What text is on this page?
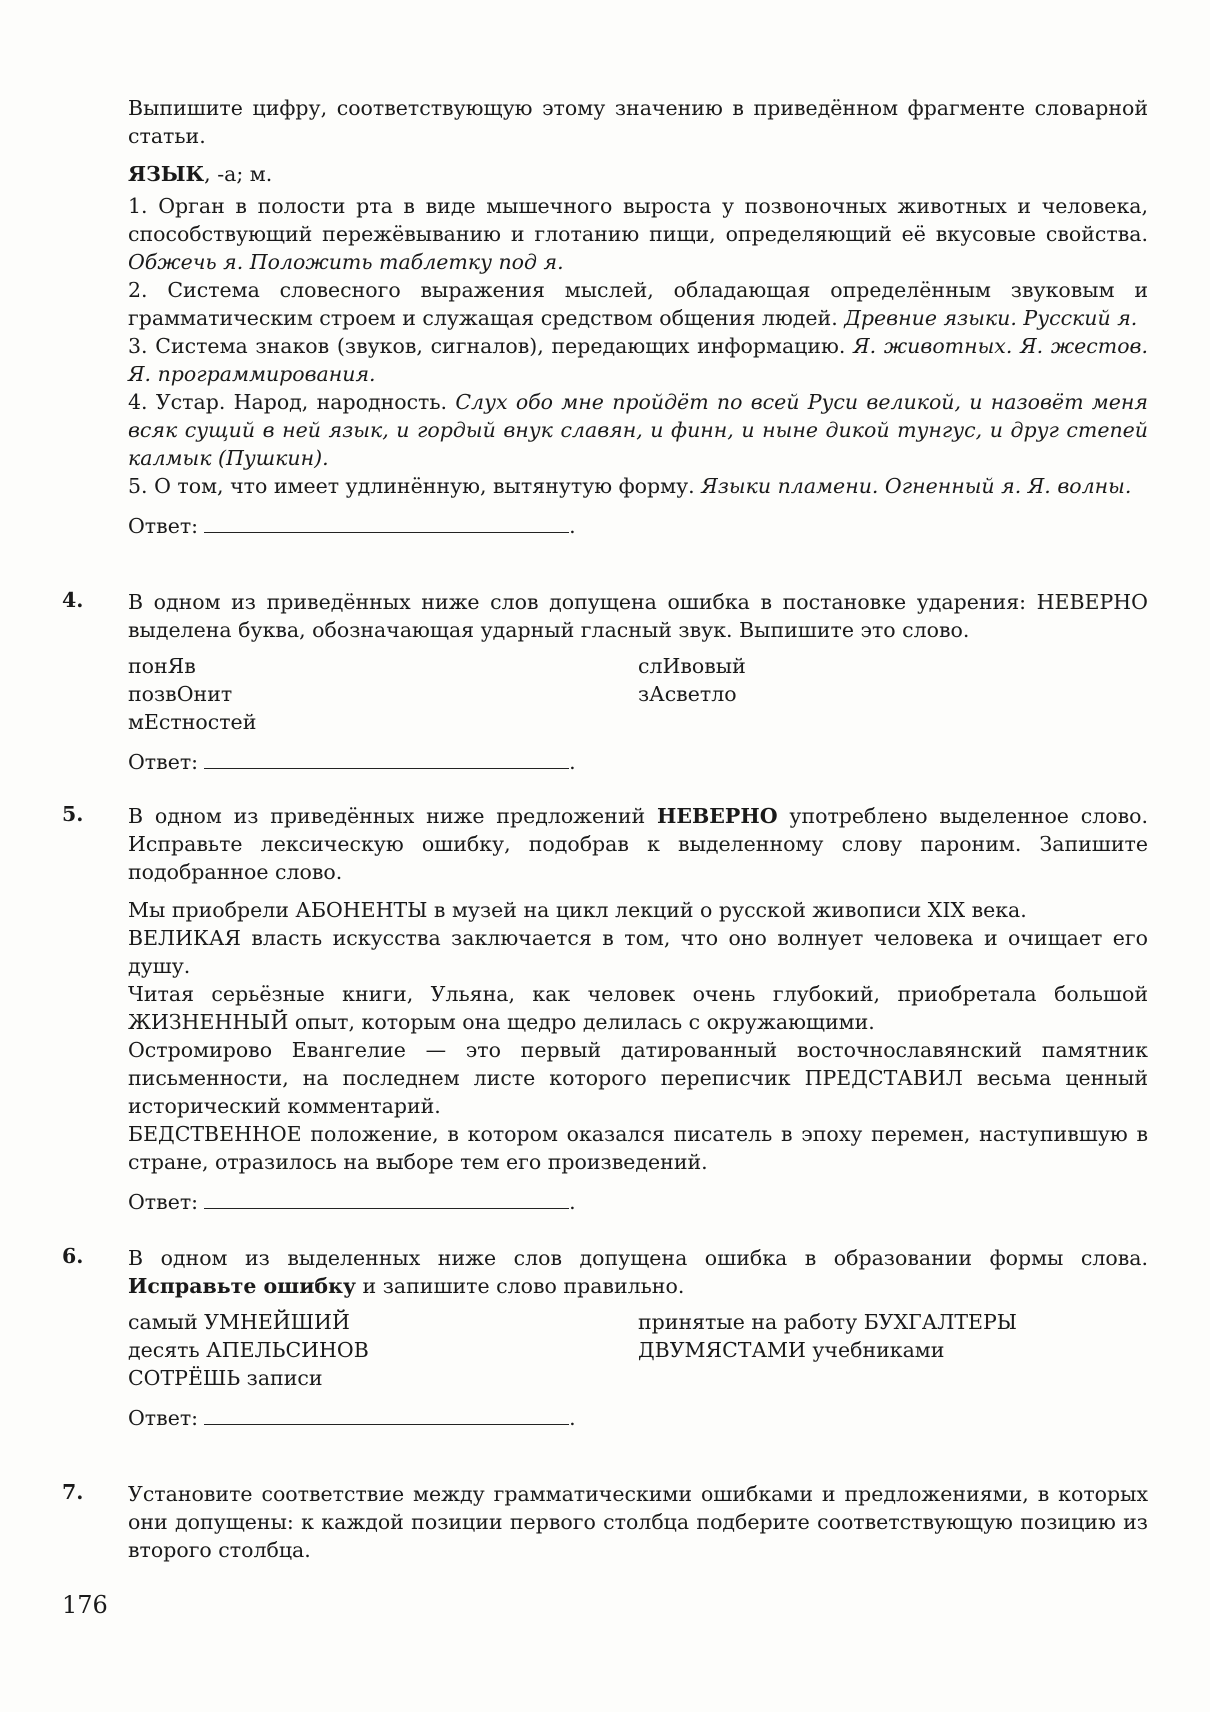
Выпишите цифру, соответствующую этому значению в приведённом фрагменте словарной статьи.

ЯЗЫК, -а; м.

1. Орган в полости рта в виде мышечного выроста у позвоночных животных и человека, способствующий пережёвыванию и глотанию пищи, определяющий её вкусовые свойства. Обжечь я. Положить таблетку под я.

2. Система словесного выражения мыслей, обладающая определённым звуковым и грамматическим строем и служащая средством общения людей. Древние языки. Русский я.

3. Система знаков (звуков, сигналов), передающих информацию. Я. животных. Я. жестов. Я. программирования.

4. Устар. Народ, народность. Слух обо мне пройдёт по всей Руси великой, и назовёт меня всяк сущий в ней язык, и гордый внук славян, и финн, и ныне дикой тунгус, и друг степей калмык (Пушкин).

5. О том, что имеет удлинённую, вытянутую форму. Языки пламени. Огненный я. Я. волны.

Ответ:	.
4. В одном из приведённых ниже слов допущена ошибка в постановке ударения: НЕВЕРНО выделена буква, обозначающая ударный гласный звук. Выпишите это слово.

понЯв
позвОнит
мЕстностей
слИвовый
зАсветло
Ответ:	.
5. В одном из приведённых ниже предложений НЕВЕРНО употреблено выделенное слово. Исправьте лексическую ошибку, подобрав к выделенному слову пароним. Запишите подобранное слово.

Мы приобрели АБОНЕНТЫ в музей на цикл лекций о русской живописи XIX века.

ВЕЛИКАЯ власть искусства заключается в том, что оно волнует человека и очищает его душу.

Читая серьёзные книги, Ульяна, как человек очень глубокий, приобретала большой ЖИЗНЕННЫЙ опыт, которым она щедро делилась с окружающими.

Остромирово Евангелие — это первый датированный восточнославянский памятник письменности, на последнем листе которого переписчик ПРЕДСТАВИЛ весьма ценный исторический комментарий.

БЕДСТВЕННОЕ положение, в котором оказался писатель в эпоху перемен, наступившую в стране, отразилось на выборе тем его произведений.

Ответ:	.
6. В одном из выделенных ниже слов допущена ошибка в образовании формы слова. Исправьте ошибку и запишите слово правильно.

самый УМНЕЙШИЙ
десять АПЕЛЬСИНОВ
СОТРЁШЬ записи
принятые на работу БУХГАЛТЕРЫ
ДВУМЯСТАМИ учебниками
Ответ:	.
7. Установите соответствие между грамматическими ошибками и предложениями, в которых они допущены: к каждой позиции первого столбца подберите соответствующую позицию из второго столбца.

176
